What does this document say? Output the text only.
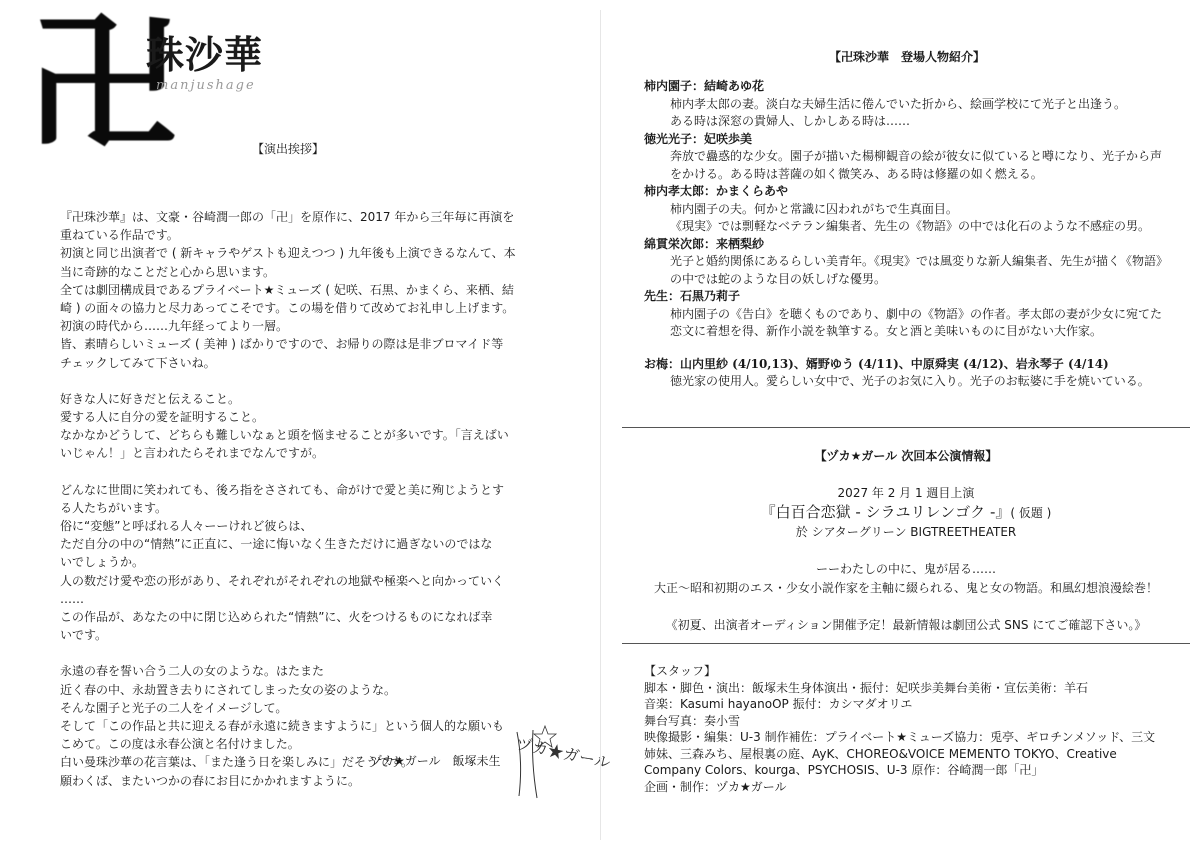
卍
珠沙華
manjushage
【演出挨拶】

『卍珠沙華』は、文豪・谷崎潤一郎の「卍」を原作に、2017 年から三年毎に再演を
重ねている作品です。
初演と同じ出演者で ( 新キャラやゲストも迎えつつ ) 九年後も上演できるなんて、本
当に奇跡的なことだと心から思います。
全ては劇団構成員であるプライベート★ミューズ ( 妃咲、石黒、かまくら、来栖、結
崎 ) の面々の協力と尽力あってこそです。この場を借りて改めてお礼申し上げます。
初演の時代から……九年経ってより一層。
皆、素晴らしいミューズ ( 美神 ) ばかりですので、お帰りの際は是非ブロマイド等
チェックしてみて下さいね。

好きな人に好きだと伝えること。
愛する人に自分の愛を証明すること。
なかなかどうして、どちらも難しいなぁと頭を悩ませることが多いです。「言えばい
いじゃん！」と言われたらそれまでなんですが。

どんなに世間に笑われても、後ろ指をさされても、命がけで愛と美に殉じようとす
る人たちがいます。
俗に“変態”と呼ばれる人々ーーけれど彼らは、
ただ自分の中の“情熱”に正直に、一途に悔いなく生きただけに過ぎないのではな
いでしょうか。
人の数だけ愛や恋の形があり、それぞれがそれぞれの地獄や極楽へと向かっていく
……
この作品が、あなたの中に閉じ込められた“情熱”に、火をつけるものになれば幸
いです。

永遠の春を誓い合う二人の女のような。はたまた
近く春の中、永劫置き去りにされてしまった女の姿のような。
そんな園子と光子の二人をイメージして。
そして「この作品と共に迎える春が永遠に続きますように」という個人的な願いも
こめて。この度は永春公演と名付けました。
白い曼珠沙華の花言葉は、「また逢う日を楽しみに」だそうです。
願わくば、またいつかの春にお目にかかれますように。

ヅカ★ガール　飯塚未生 ヅカ★ガール
【卍珠沙華　登場人物紹介】
柿内園子：結崎あゆ花
柿内孝太郎の妻。淡白な夫婦生活に倦んでいた折から、絵画学校にて光子と出逢う。
ある時は深窓の貴婦人、しかしある時は……
徳光光子：妃咲歩美
奔放で蠱惑的な少女。園子が描いた楊柳観音の絵が彼女に似ていると噂になり、光子から声
をかける。ある時は菩薩の如く微笑み、ある時は修羅の如く燃える。
柿内孝太郎：かまくらあや
柿内園子の夫。何かと常識に囚われがちで生真面目。
《現実》では剽軽なベテラン編集者、先生の《物語》の中では化石のような不感症の男。
綿貫栄次郎：来栖梨紗
光子と婚約関係にあるらしい美青年。《現実》では風変りな新人編集者、先生が描く《物語》
の中では蛇のような目の妖しげな優男。
先生：石黒乃莉子
柿内園子の《告白》を聴くものであり、劇中の《物語》の作者。孝太郎の妻が少女に宛てた
恋文に着想を得、新作小説を執筆する。女と酒と美味いものに目がない大作家。
お梅：山内里紗 (4/10,13)、婿野ゆう (4/11)、中原舜実 (4/12)、岩永琴子 (4/14)
徳光家の使用人。愛らしい女中で、光子のお気に入り。光子のお転婆に手を焼いている。
【ヅカ★ガール 次回本公演情報】
2027 年 2 月 1 週目上演
『白百合恋獄 - シラユリレンゴク -』( 仮題 )
於 シアターグリーン BIGTREETHEATER
ーーわたしの中に、鬼が居る……
大正〜昭和初期のエス・少女小説作家を主軸に綴られる、鬼と女の物語。和風幻想浪漫絵巻！
《初夏、出演者オーディション開催予定！最新情報は劇団公式 SNS にてご確認下さい。》
【スタッフ】
脚本・脚色・演出：飯塚未生身体演出・振付：妃咲歩美舞台美術・宣伝美術：羊石
音楽：Kasumi hayanoOP 振付：カシマダオリエ
舞台写真：奏小雪
映像撮影・編集：U-3 制作補佐：プライベート★ミューズ協力：兎亭、ギロチンメソッド、三文
姉妹、三森みち、屋根裏の庭、AyK、CHOREO&VOICE MEMENTO TOKYO、Creative
Company Colors、kourga、PSYCHOSIS、U-3 原作：谷崎潤一郎「卍」
企画・制作：ヅカ★ガール
